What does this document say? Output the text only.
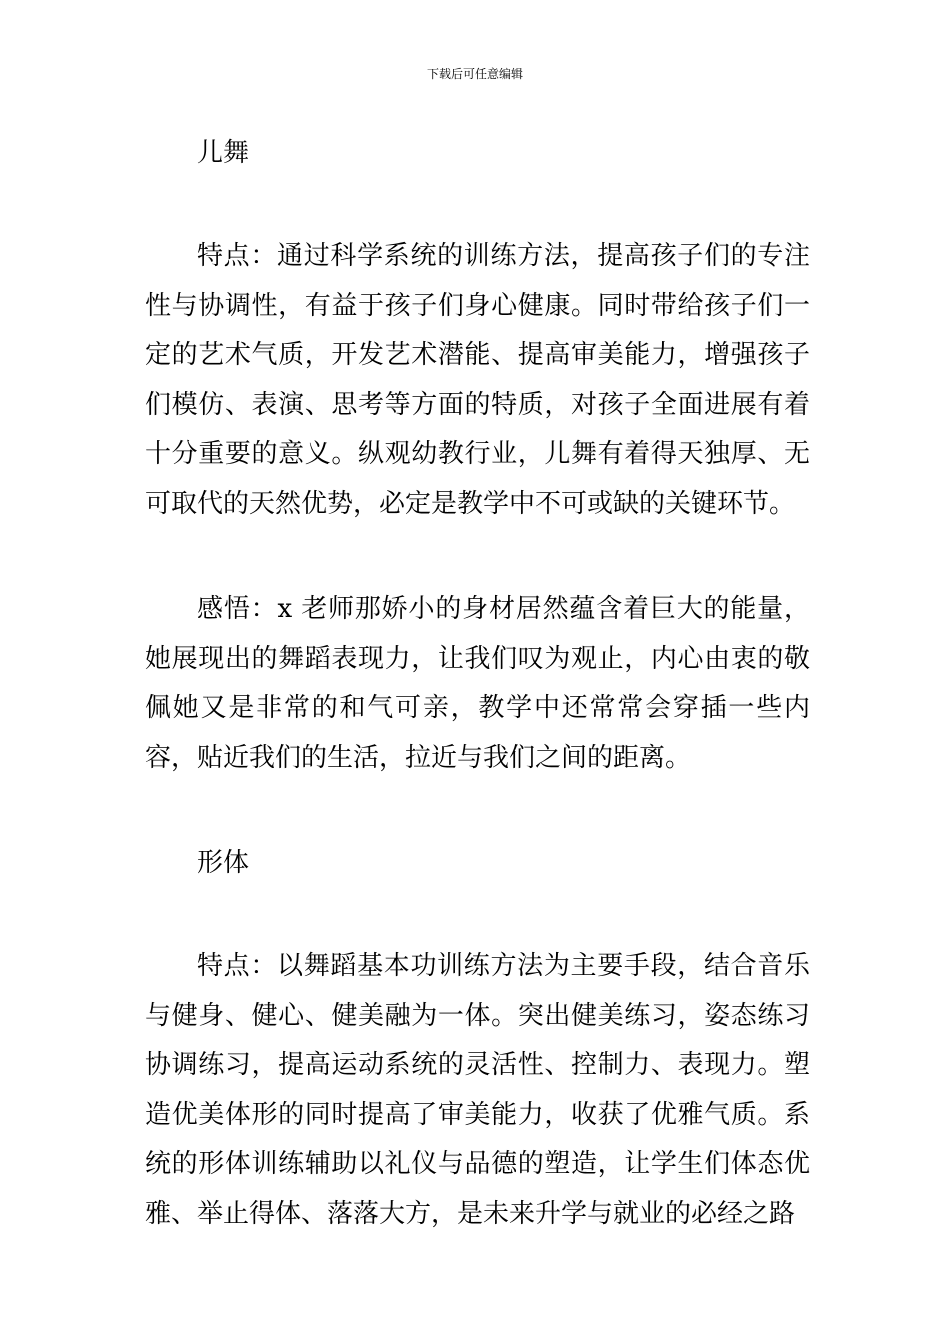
下载后可任意编辑

儿舞

特点：通过科学系统的训练方法，提高孩子们的专注性与协调性，有益于孩子们身心健康。同时带给孩子们一定的艺术气质，开发艺术潜能、提高审美能力，增强孩子们模仿、表演、思考等方面的特质，对孩子全面进展有着十分重要的意义。纵观幼教行业，儿舞有着得天独厚、无可取代的天然优势，必定是教学中不可或缺的关键环节。

感悟：x 老师那娇小的身材居然蕴含着巨大的能量，她展现出的舞蹈表现力，让我们叹为观止，内心由衷的敬佩她又是非常的和气可亲，教学中还常常会穿插一些内容，贴近我们的生活，拉近与我们之间的距离。

形体

特点：以舞蹈基本功训练方法为主要手段，结合音乐与健身、健心、健美融为一体。突出健美练习，姿态练习协调练习，提高运动系统的灵活性、控制力、表现力。塑造优美体形的同时提高了审美能力，收获了优雅气质。系统的形体训练辅助以礼仪与品德的塑造，让学生们体态优雅、举止得体、落落大方，是未来升学与就业的必经之路
